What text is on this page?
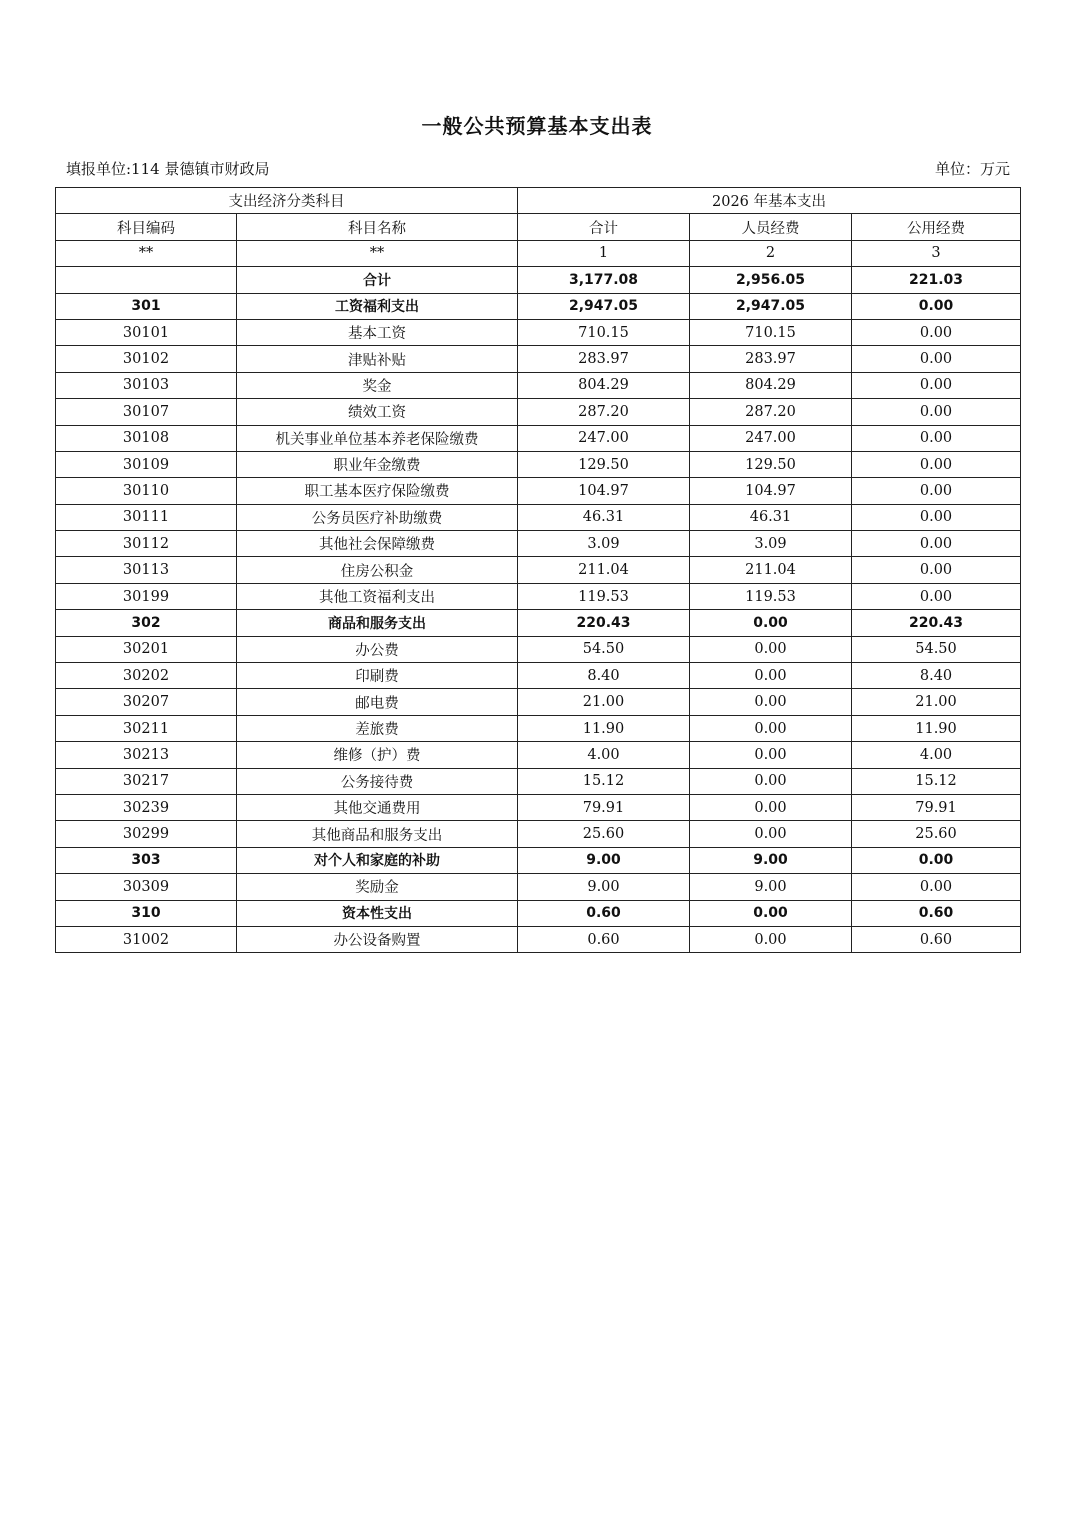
一般公共预算基本支出表
填报单位:114 景德镇市财政局	单位：万元
支出经济分类科目		2026 年基本支出		
科目编码	科目名称	合计	人员经费	公用经费
**	**	1	2	3
	合计	3,177.08	2,956.05	221.03
301	工资福利支出	2,947.05	2,947.05	0.00
30101	基本工资	710.15	710.15	0.00
30102	津贴补贴	283.97	283.97	0.00
30103	奖金	804.29	804.29	0.00
30107	绩效工资	287.20	287.20	0.00
30108	机关事业单位基本养老保险缴费	247.00	247.00	0.00
30109	职业年金缴费	129.50	129.50	0.00
30110	职工基本医疗保险缴费	104.97	104.97	0.00
30111	公务员医疗补助缴费	46.31	46.31	0.00
30112	其他社会保障缴费	3.09	3.09	0.00
30113	住房公积金	211.04	211.04	0.00
30199	其他工资福利支出	119.53	119.53	0.00
302	商品和服务支出	220.43	0.00	220.43
30201	办公费	54.50	0.00	54.50
30202	印刷费	8.40	0.00	8.40
30207	邮电费	21.00	0.00	21.00
30211	差旅费	11.90	0.00	11.90
30213	维修（护）费	4.00	0.00	4.00
30217	公务接待费	15.12	0.00	15.12
30239	其他交通费用	79.91	0.00	79.91
30299	其他商品和服务支出	25.60	0.00	25.60
303	对个人和家庭的补助	9.00	9.00	0.00
30309	奖励金	9.00	9.00	0.00
310	资本性支出	0.60	0.00	0.60
31002	办公设备购置	0.60	0.00	0.60
